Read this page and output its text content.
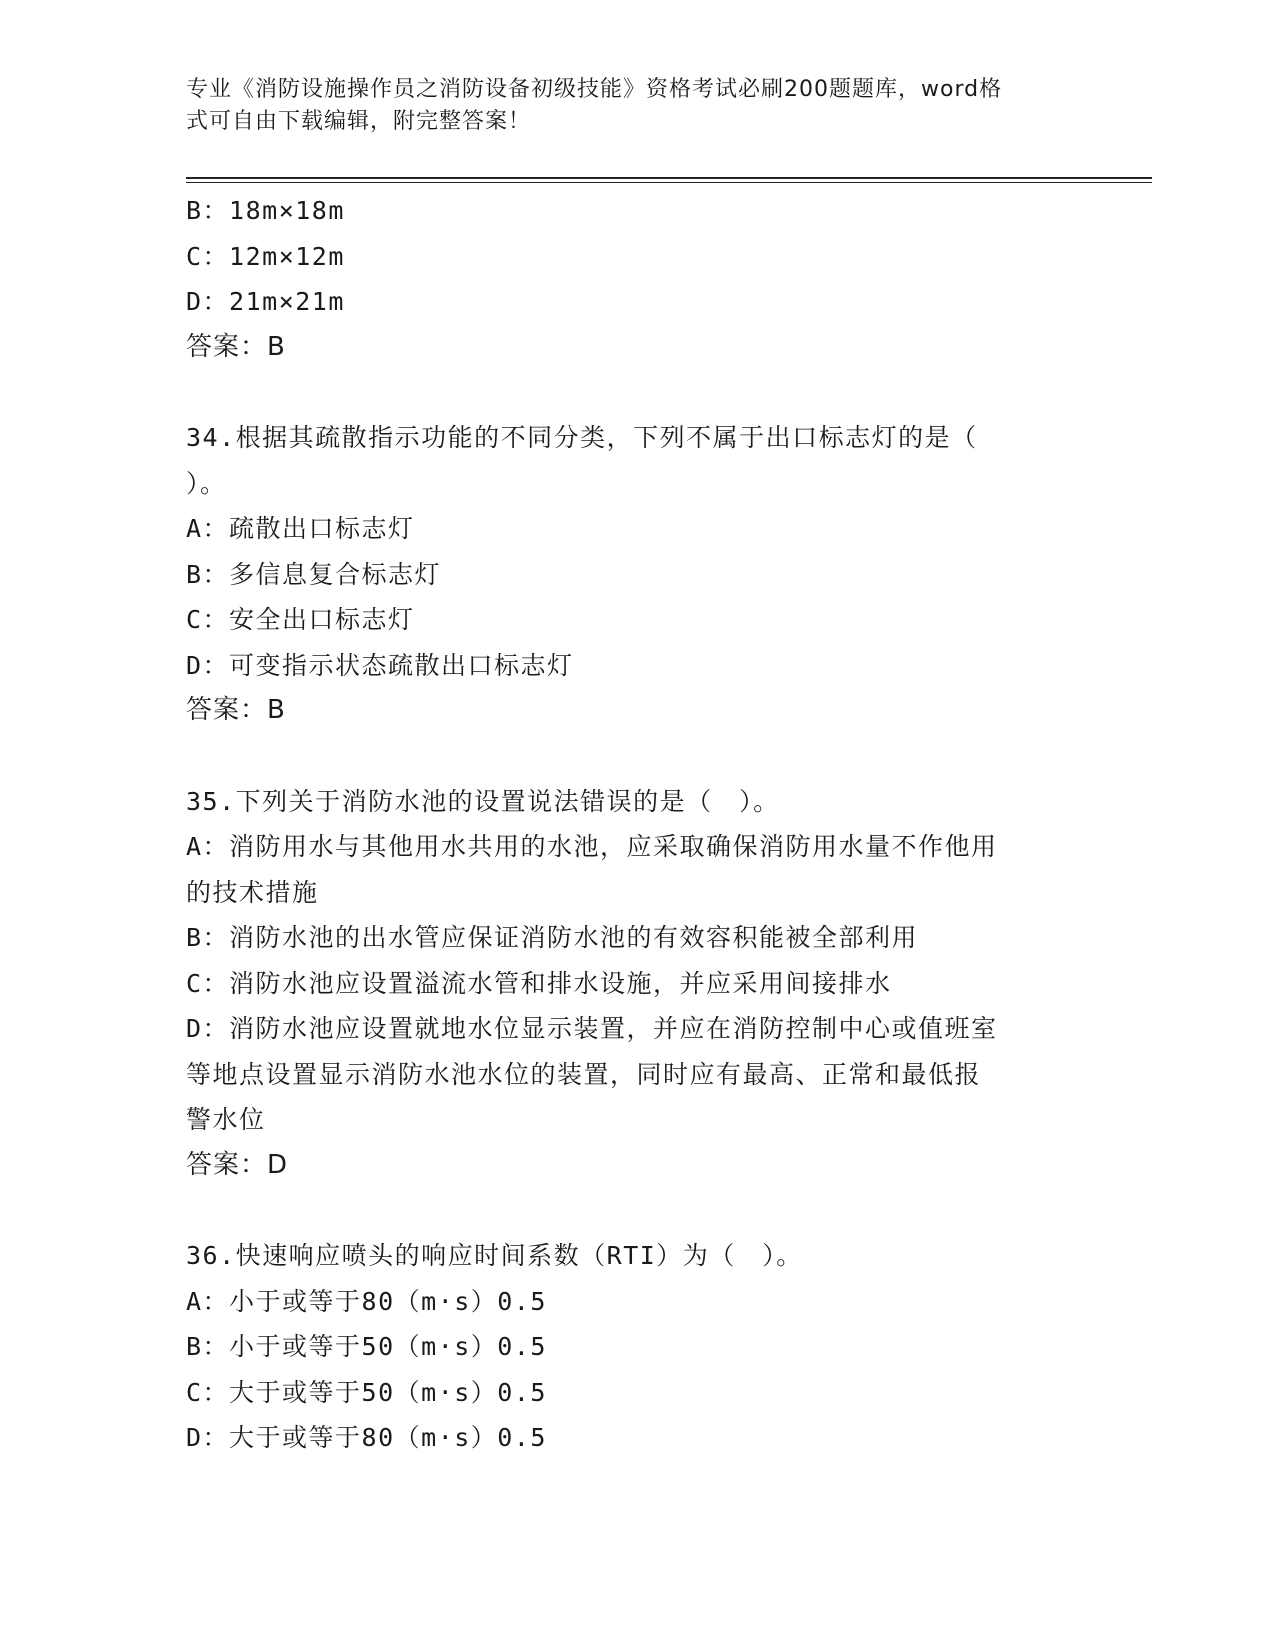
专业《消防设施操作员之消防设备初级技能》资格考试必刷200题题库，word格
式可自由下载编辑，附完整答案！
B：18m×18m
C：12m×12m
D：21m×21m
答案：B
34.根据其疏散指示功能的不同分类，下列不属于出口标志灯的是（
）。
A：疏散出口标志灯
B：多信息复合标志灯
C：安全出口标志灯
D：可变指示状态疏散出口标志灯
答案：B
35.下列关于消防水池的设置说法错误的是（　）。
A：消防用水与其他用水共用的水池，应采取确保消防用水量不作他用
的技术措施
B：消防水池的出水管应保证消防水池的有效容积能被全部利用
C：消防水池应设置溢流水管和排水设施，并应采用间接排水
D：消防水池应设置就地水位显示装置，并应在消防控制中心或值班室
等地点设置显示消防水池水位的装置，同时应有最高、正常和最低报
警水位
答案：D
36.快速响应喷头的响应时间系数（RTI）为（　）。
A：小于或等于80（m·s）0.5
B：小于或等于50（m·s）0.5
C：大于或等于50（m·s）0.5
D：大于或等于80（m·s）0.5
